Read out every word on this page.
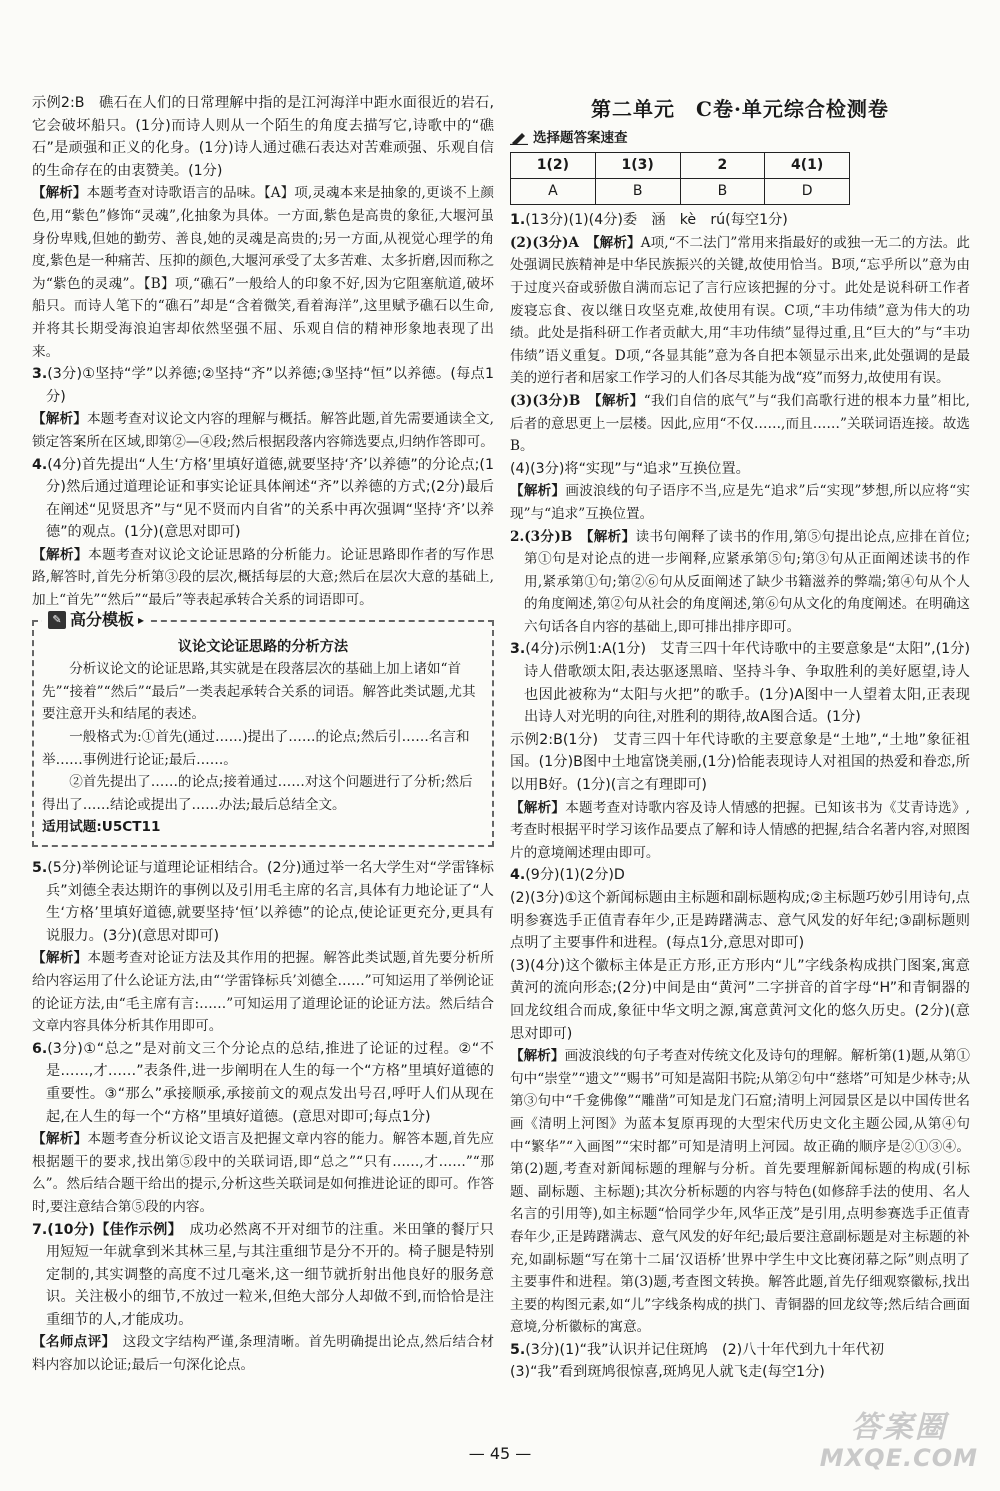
示例2:B　礁石在人们的日常理解中指的是江河海洋中距水面很近的岩石,它会破坏船只。(1分)而诗人则从一个陌生的角度去描写它,诗歌中的“礁石”是顽强和正义的化身。(1分)诗人通过礁石表达对苦难顽强、乐观自信的生命存在的由衷赞美。(1分)

【解析】本题考查对诗歌语言的品味。【A】项,灵魂本来是抽象的,更谈不上颜色,用“紫色”修饰“灵魂”,化抽象为具体。一方面,紫色是高贵的象征,大堰河虽身份卑贱,但她的勤劳、善良,她的灵魂是高贵的;另一方面,从视觉心理学的角度,紫色是一种痛苦、压抑的颜色,大堰河承受了太多苦难、太多折磨,因而称之为“紫色的灵魂”。【B】项,“礁石”一般给人的印象不好,因为它阻塞航道,破坏船只。而诗人笔下的“礁石”却是“含着微笑,看着海洋”,这里赋予礁石以生命,并将其长期受海浪迫害却依然坚强不屈、乐观自信的精神形象地表现了出来。

3.(3分)①坚持“学”以养德;②坚持“齐”以养德;③坚持“恒”以养德。(每点1分)

【解析】本题考查对议论文内容的理解与概括。解答此题,首先需要通读全文,锁定答案所在区域,即第②—④段;然后根据段落内容筛选要点,归纳作答即可。

4.(4分)首先提出“人生‘方格’里填好道德,就要坚持‘齐’以养德”的分论点;(1分)然后通过道理论证和事实论证具体阐述“齐”以养德的方式;(2分)最后在阐述“见贤思齐”与“见不贤而内自省”的关系中再次强调“坚持‘齐’以养德”的观点。(1分)(意思对即可)

【解析】本题考查对议论文论证思路的分析能力。论证思路即作者的写作思路,解答时,首先分析第③段的层次,概括每层的大意;然后在层次大意的基础上,加上“首先”“然后”“最后”等表起承转合关系的词语即可。

✎ 高分模板 ▸
议论文论证思路的分析方法

分析议论文的论证思路,其实就是在段落层次的基础上加上诸如“首先”“接着”“然后”“最后”一类表起承转合关系的词语。解答此类试题,尤其要注意开头和结尾的表述。

一般格式为:①首先(通过……)提出了……的论点;然后引……名言和举……事例进行论证;最后……。

②首先提出了……的论点;接着通过……对这个问题进行了分析;然后得出了……结论或提出了……办法;最后总结全文。

适用试题:U5CT11

5.(5分)举例论证与道理论证相结合。(2分)通过举一名大学生对“学雷锋标兵”刘德全表达期许的事例以及引用毛主席的名言,具体有力地论证了“人生‘方格’里填好道德,就要坚持‘恒’以养德”的论点,使论证更充分,更具有说服力。(3分)(意思对即可)

【解析】本题考查对论证方法及其作用的把握。解答此类试题,首先要分析所给内容运用了什么论证方法,由“‘学雷锋标兵’刘德全……”可知运用了举例论证的论证方法,由“毛主席有言:……”可知运用了道理论证的论证方法。然后结合文章内容具体分析其作用即可。

6.(3分)①“总之”是对前文三个分论点的总结,推进了论证的过程。②“不是……,才……”表条件,进一步阐明在人生的每一个“方格”里填好道德的重要性。③“那么”承接顺承,承接前文的观点发出号召,呼吁人们从现在起,在人生的每一个“方格”里填好道德。(意思对即可;每点1分)

【解析】本题考查分析议论文语言及把握文章内容的能力。解答本题,首先应根据题干的要求,找出第⑤段中的关联词语,即“总之”“只有……,才……”“那么”。然后结合题干给出的提示,分析这些关联词是如何推进论证的即可。作答时,要注意结合第⑤段的内容。

7.(10分)【佳作示例】　成功必然离不开对细节的注重。米田肇的餐厅只用短短一年就拿到米其林三星,与其注重细节是分不开的。椅子腿是特别定制的,其实调整的高度不过几毫米,这一细节就折射出他良好的服务意识。关注极小的细节,不放过一粒米,但绝大部分人却做不到,而恰恰是注重细节的人,才能成功。

【名师点评】　这段文字结构严谨,条理清晰。首先明确提出论点,然后结合材料内容加以论证;最后一句深化论点。

第二单元　C卷·单元综合检测卷
选择题答案速查
1(2)	1(3)	2	4(1)
A	B	B	D

1.(13分)(1)(4分)委　涵　kè　rú(每空1分)

(2)(3分)A　【解析】A项,“不二法门”常用来指最好的或独一无二的方法。此处强调民族精神是中华民族振兴的关键,故使用恰当。B项,“忘乎所以”意为由于过度兴奋或骄傲自满而忘记了言行应该把握的分寸。此处是说科研工作者废寝忘食、夜以继日攻坚克难,故使用有误。C项,“丰功伟绩”意为伟大的功绩。此处是指科研工作者贡献大,用“丰功伟绩”显得过重,且“巨大的”与“丰功伟绩”语义重复。D项,“各显其能”意为各自把本领显示出来,此处强调的是最美的逆行者和居家工作学习的人们各尽其能为战“疫”而努力,故使用有误。

(3)(3分)B　【解析】“我们自信的底气”与“我们高歌行进的根本力量”相比,后者的意思更上一层楼。因此,应用“不仅……,而且……”关联词语连接。故选B。

(4)(3分)将“实现”与“追求”互换位置。

【解析】画波浪线的句子语序不当,应是先“追求”后“实现”梦想,所以应将“实现”与“追求”互换位置。

2.(3分)B　【解析】读书句阐释了读书的作用,第⑤句提出论点,应排在首位;第①句是对论点的进一步阐释,应紧承第⑤句;第③句从正面阐述读书的作用,紧承第①句;第②⑥句从反面阐述了缺少书籍滋养的弊端;第④句从个人的角度阐述,第②句从社会的角度阐述,第⑥句从文化的角度阐述。在明确这六句话各自内容的基础上,即可排出排序即可。

3.(4分)示例1:A(1分)　艾青三四十年代诗歌中的主要意象是“太阳”,(1分)诗人借歌颂太阳,表达驱逐黑暗、坚持斗争、争取胜利的美好愿望,诗人也因此被称为“太阳与火把”的歌手。(1分)A图中一人望着太阳,正表现出诗人对光明的向往,对胜利的期待,故A图合适。(1分)

示例2:B(1分)　艾青三四十年代诗歌的主要意象是“土地”,“土地”象征祖国。(1分)B图中土地富饶美丽,(1分)恰能表现诗人对祖国的热爱和眷恋,所以用B好。(1分)(言之有理即可)

【解析】本题考查对诗歌内容及诗人情感的把握。已知该书为《艾青诗选》,考查时根据平时学习该作品要点了解和诗人情感的把握,结合名著内容,对照图片的意境阐述理由即可。

4.(9分)(1)(2分)D

(2)(3分)①这个新闻标题由主标题和副标题构成;②主标题巧妙引用诗句,点明参赛选手正值青春年少,正是踌躇满志、意气风发的好年纪;③副标题则点明了主要事件和进程。(每点1分,意思对即可)

(3)(4分)这个徽标主体是正方形,正方形内“儿”字线条构成拱门图案,寓意黄河的流向形态;(2分)中间是由“黄河”二字拼音的首字母“H”和青铜器的回龙纹组合而成,象征中华文明之源,寓意黄河文化的悠久历史。(2分)(意思对即可)

【解析】画波浪线的句子考查对传统文化及诗句的理解。解析第(1)题,从第①句中“崇堂”“遗文”“赐书”可知是嵩阳书院;从第②句中“慈塔”可知是少林寺;从第③句中“千龛佛像”“雕凿”可知是龙门石窟;清明上河园景区是以中国传世名画《清明上河图》为蓝本复原再现的大型宋代历史文化主题公园,从第④句中“繁华”“入画图”“宋时都”可知是清明上河园。故正确的顺序是②①③④。第(2)题,考查对新闻标题的理解与分析。首先要理解新闻标题的构成(引标题、副标题、主标题);其次分析标题的内容与特色(如修辞手法的使用、名人名言的引用等),如主标题“恰同学少年,风华正茂”是引用,点明参赛选手正值青春年少,正是踌躇满志、意气风发的好年纪;最后要注意副标题是对主标题的补充,如副标题“写在第十二届‘汉语桥’世界中学生中文比赛闭幕之际”则点明了主要事件和进程。第(3)题,考查图文转换。解答此题,首先仔细观察徽标,找出主要的构图元素,如“儿”字线条构成的拱门、青铜器的回龙纹等;然后结合画面意境,分析徽标的寓意。

5.(3分)(1)“我”认识并记住斑鸠　(2)八十年代到九十年代初

(3)“我”看到斑鸠很惊喜,斑鸠见人就飞走(每空1分)

— 45 —
答案圈
MXQE.COM
